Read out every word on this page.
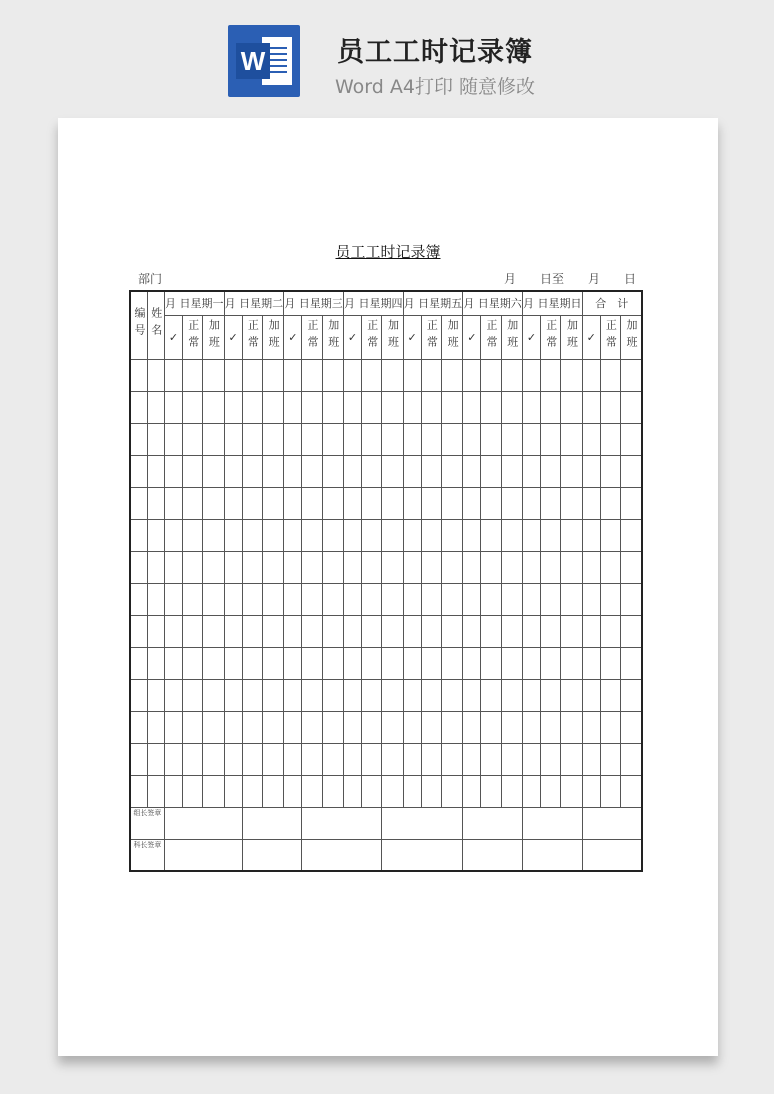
W	员工工时记录簿
Word A4打印 随意修改
员工工时记录簿
部门	月　　日至　　月　　日
编号	姓名	月 日星期一			月 日星期二			月 日星期三			月 日星期四			月 日星期五			月 日星期六			月 日星期日			合　计		
		✓	正常	加班	✓	正常	加班	✓	正常	加班	✓	正常	加班	✓	正常	加班	✓	正常	加班	✓	正常	加班	✓	正常	加班

组长签章																									
科长签章																									
